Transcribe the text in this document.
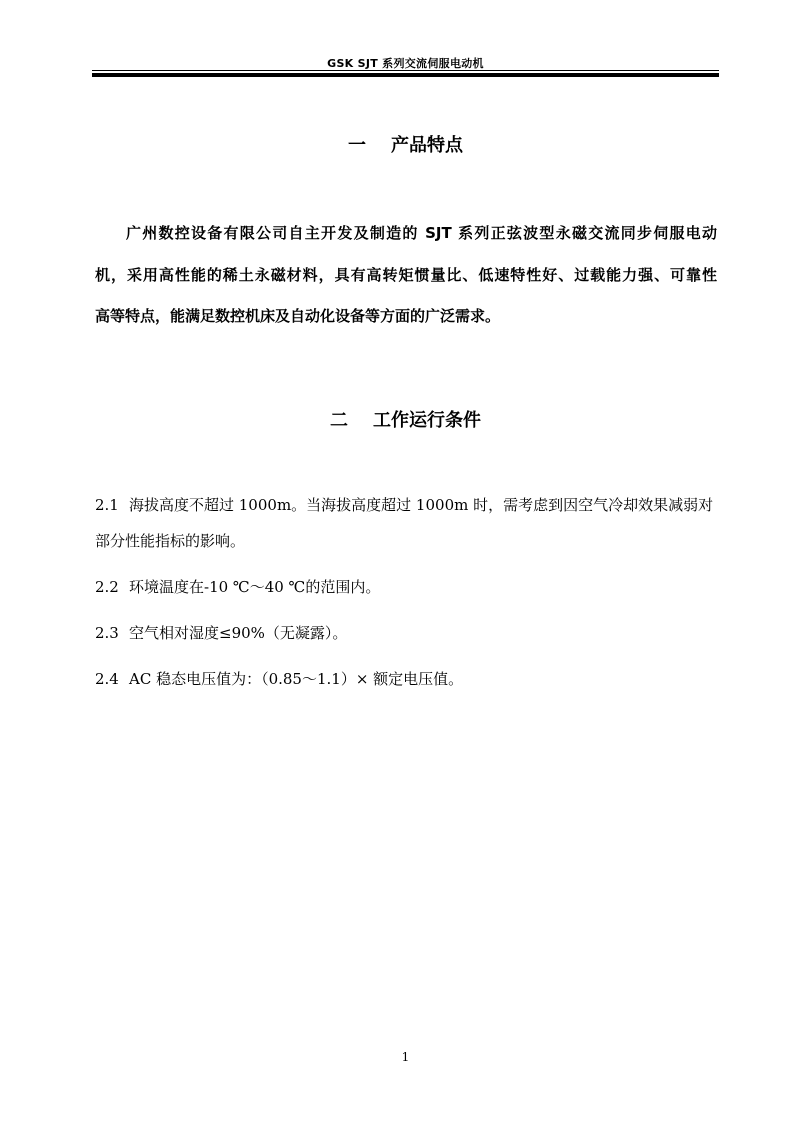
GSK SJT 系列交流伺服电动机
一    产品特点
广州数控设备有限公司自主开发及制造的 SJT 系列正弦波型永磁交流同步伺服电动
机，采用高性能的稀土永磁材料，具有高转矩惯量比、低速特性好、过载能力强、可靠性
高等特点，能满足数控机床及自动化设备等方面的广泛需求。
二    工作运行条件
2.1 海拔高度不超过 1000m。当海拔高度超过 1000m 时，需考虑到因空气冷却效果减弱对
部分性能指标的影响。
2.2 环境温度在-10 ℃～40 ℃的范围内。
2.3 空气相对湿度≤90%（无凝露）。
2.4 AC 稳态电压值为：（0.85～1.1）× 额定电压值。
1
